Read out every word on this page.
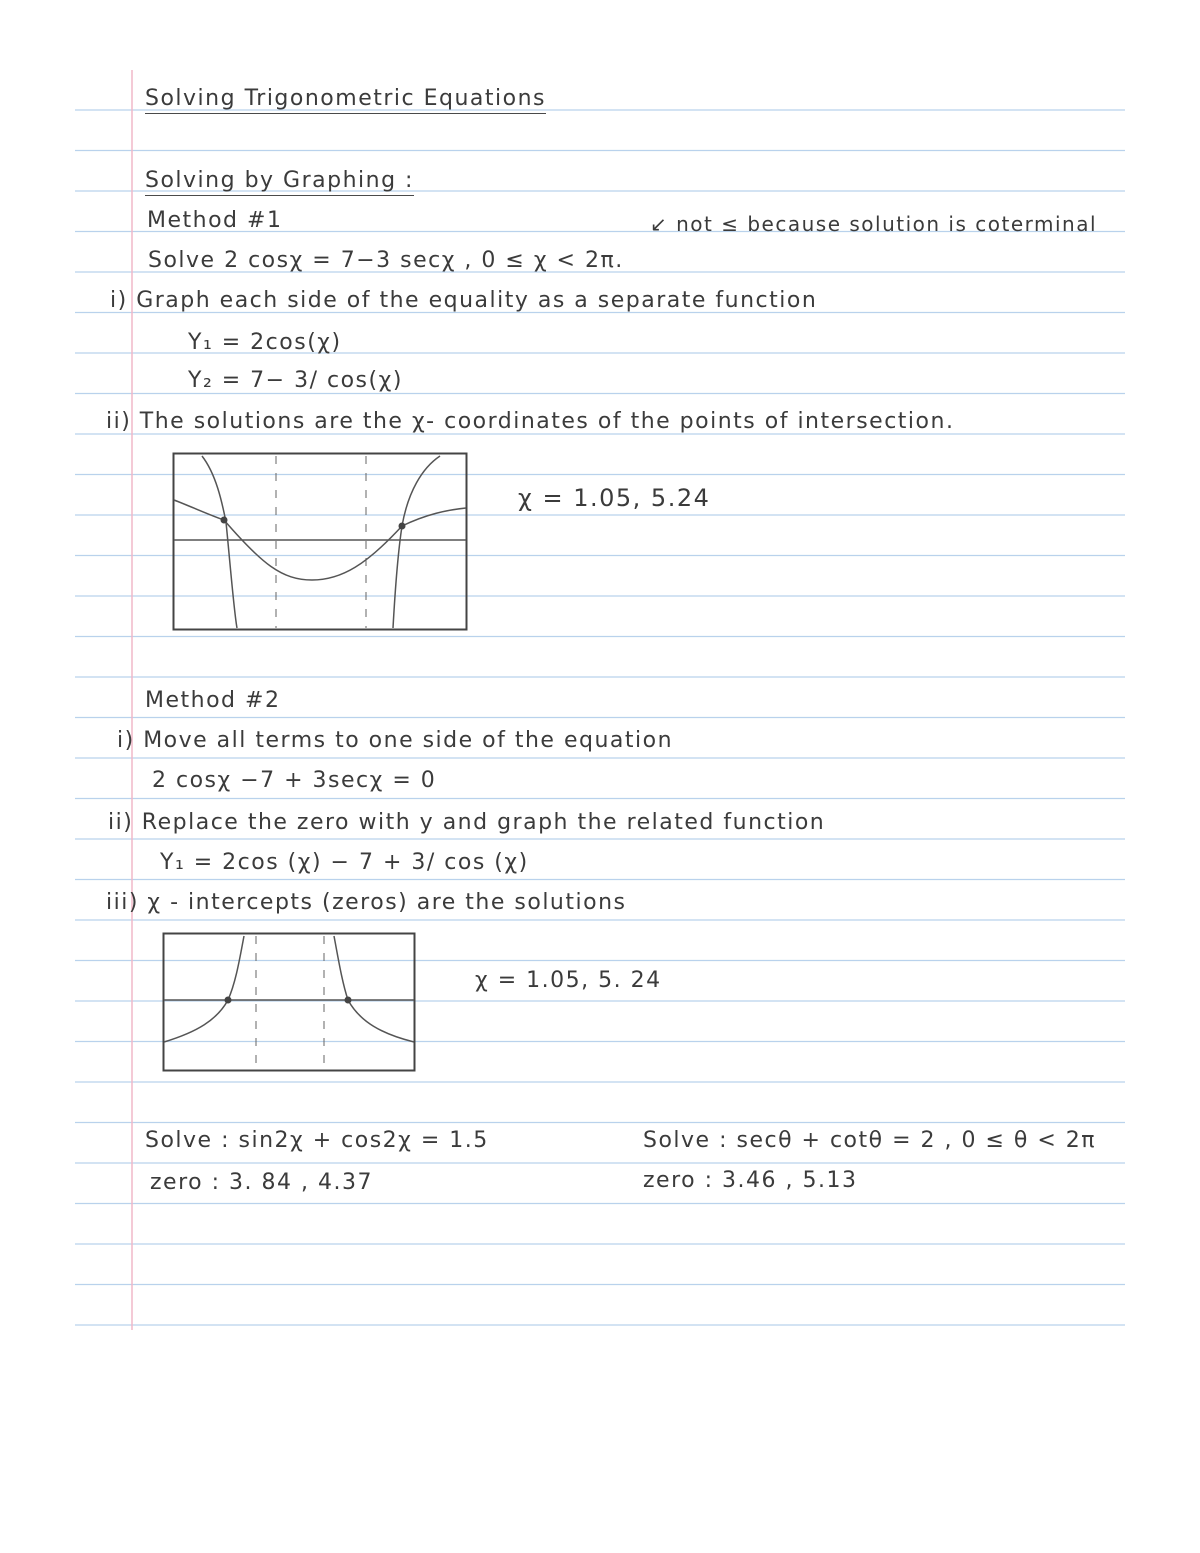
Solving Trigonometric Equations
Solving by Graphing :
Method #1	↙ not ≤ because solution is coterminal
Solve 2 cosχ = 7−3 secχ , 0 ≤ χ < 2π.
i) Graph each side of the equality as a separate function
Y₁ = 2cos(χ)
Y₂ = 7− 3/ cos(χ)
ii) The solutions are the χ- coordinates of the points of intersection.
χ = 1.05, 5.24
Method #2
i) Move all terms to one side of the equation
2 cosχ −7 + 3secχ = 0
ii) Replace the zero with y and graph the related function
Y₁ = 2cos (χ) − 7 + 3/ cos (χ)
iii) χ - intercepts (zeros) are the solutions
χ = 1.05, 5. 24
Solve : sin2χ + cos2χ = 1.5
zero : 3. 84 , 4.37
Solve : secθ + cotθ = 2 , 0 ≤ θ < 2π
zero : 3.46 , 5.13
